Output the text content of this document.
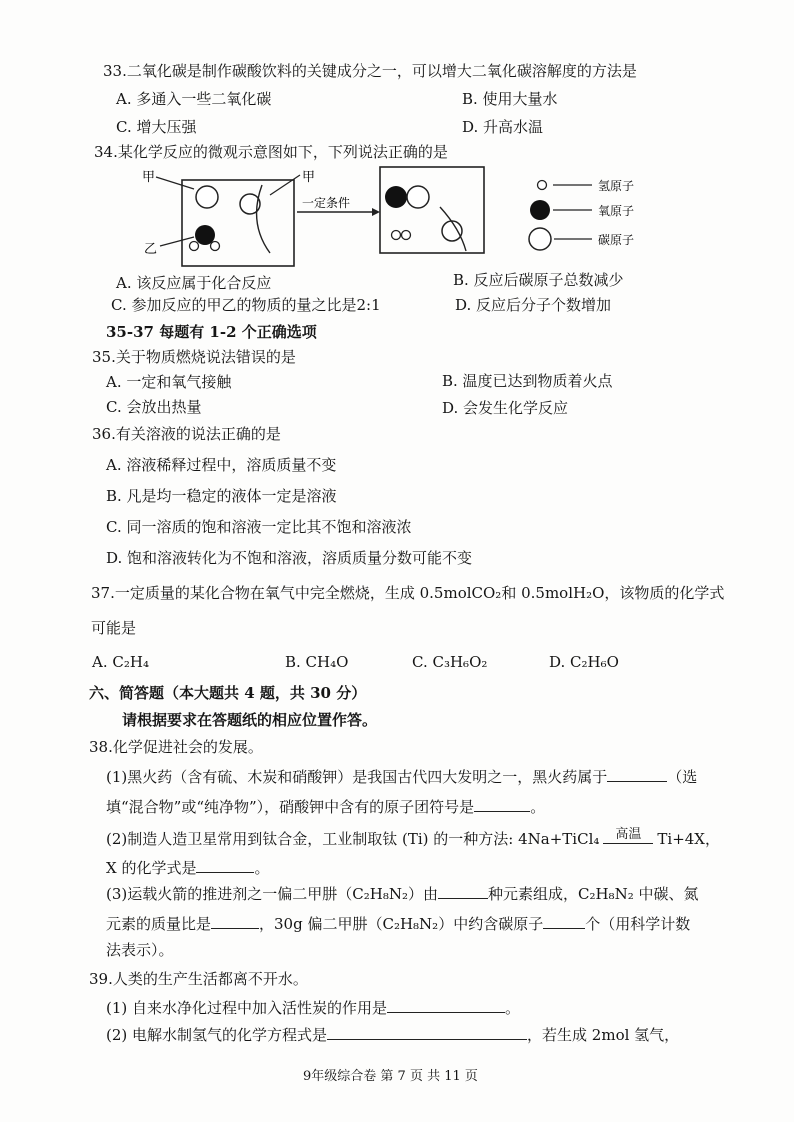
33.二氧化碳是制作碳酸饮料的关键成分之一，可以增大二氧化碳溶解度的方法是
A. 多通入一些二氧化碳	B. 使用大量水
C. 增大压强	D. 升高水温
34.某化学反应的微观示意图如下，下列说法正确的是
甲	甲
乙
一定条件
氢原子
氧原子
碳原子
A. 该反应属于化合反应	B. 反应后碳原子总数减少
C. 参加反应的甲乙的物质的量之比是2:1	D. 反应后分子个数增加
35-37 每题有 1-2 个正确选项
35.关于物质燃烧说法错误的是
A. 一定和氧气接触	B. 温度已达到物质着火点
C. 会放出热量	D. 会发生化学反应
36.有关溶液的说法正确的是
A. 溶液稀释过程中，溶质质量不变
B. 凡是均一稳定的液体一定是溶液
C. 同一溶质的饱和溶液一定比其不饱和溶液浓
D. 饱和溶液转化为不饱和溶液，溶质质量分数可能不变
37.一定质量的某化合物在氧气中完全燃烧，生成 0.5molCO₂和 0.5molH₂O，该物质的化学式
可能是
A. C₂H₄	B. CH₄O	C. C₃H₆O₂	D. C₂H₆O
六、简答题（本大题共 4 题，共 30 分）
请根据要求在答题纸的相应位置作答。
38.化学促进社会的发展。
(1)黑火药（含有硫、木炭和硝酸钾）是我国古代四大发明之一，黑火药属于	（选
填“混合物”或“纯净物”），硝酸钾中含有的原子团符号是	。
(2)制造人造卫星常用到钛合金，工业制取钛 (Ti) 的一种方法: 4Na+TiCl₄	高温	Ti+4X，
X 的化学式是	。
(3)运载火箭的推进剂之一偏二甲肼（C₂H₈N₂）由	种元素组成，C₂H₈N₂ 中碳、氮
元素的质量比是	，30g 偏二甲肼（C₂H₈N₂）中约含碳原子	个（用科学计数
法表示）。
39.人类的生产生活都离不开水。
(1) 自来水净化过程中加入活性炭的作用是	。
(2) 电解水制氢气的化学方程式是	，若生成 2mol 氢气，
9年级综合卷 第 7 页 共 11 页
